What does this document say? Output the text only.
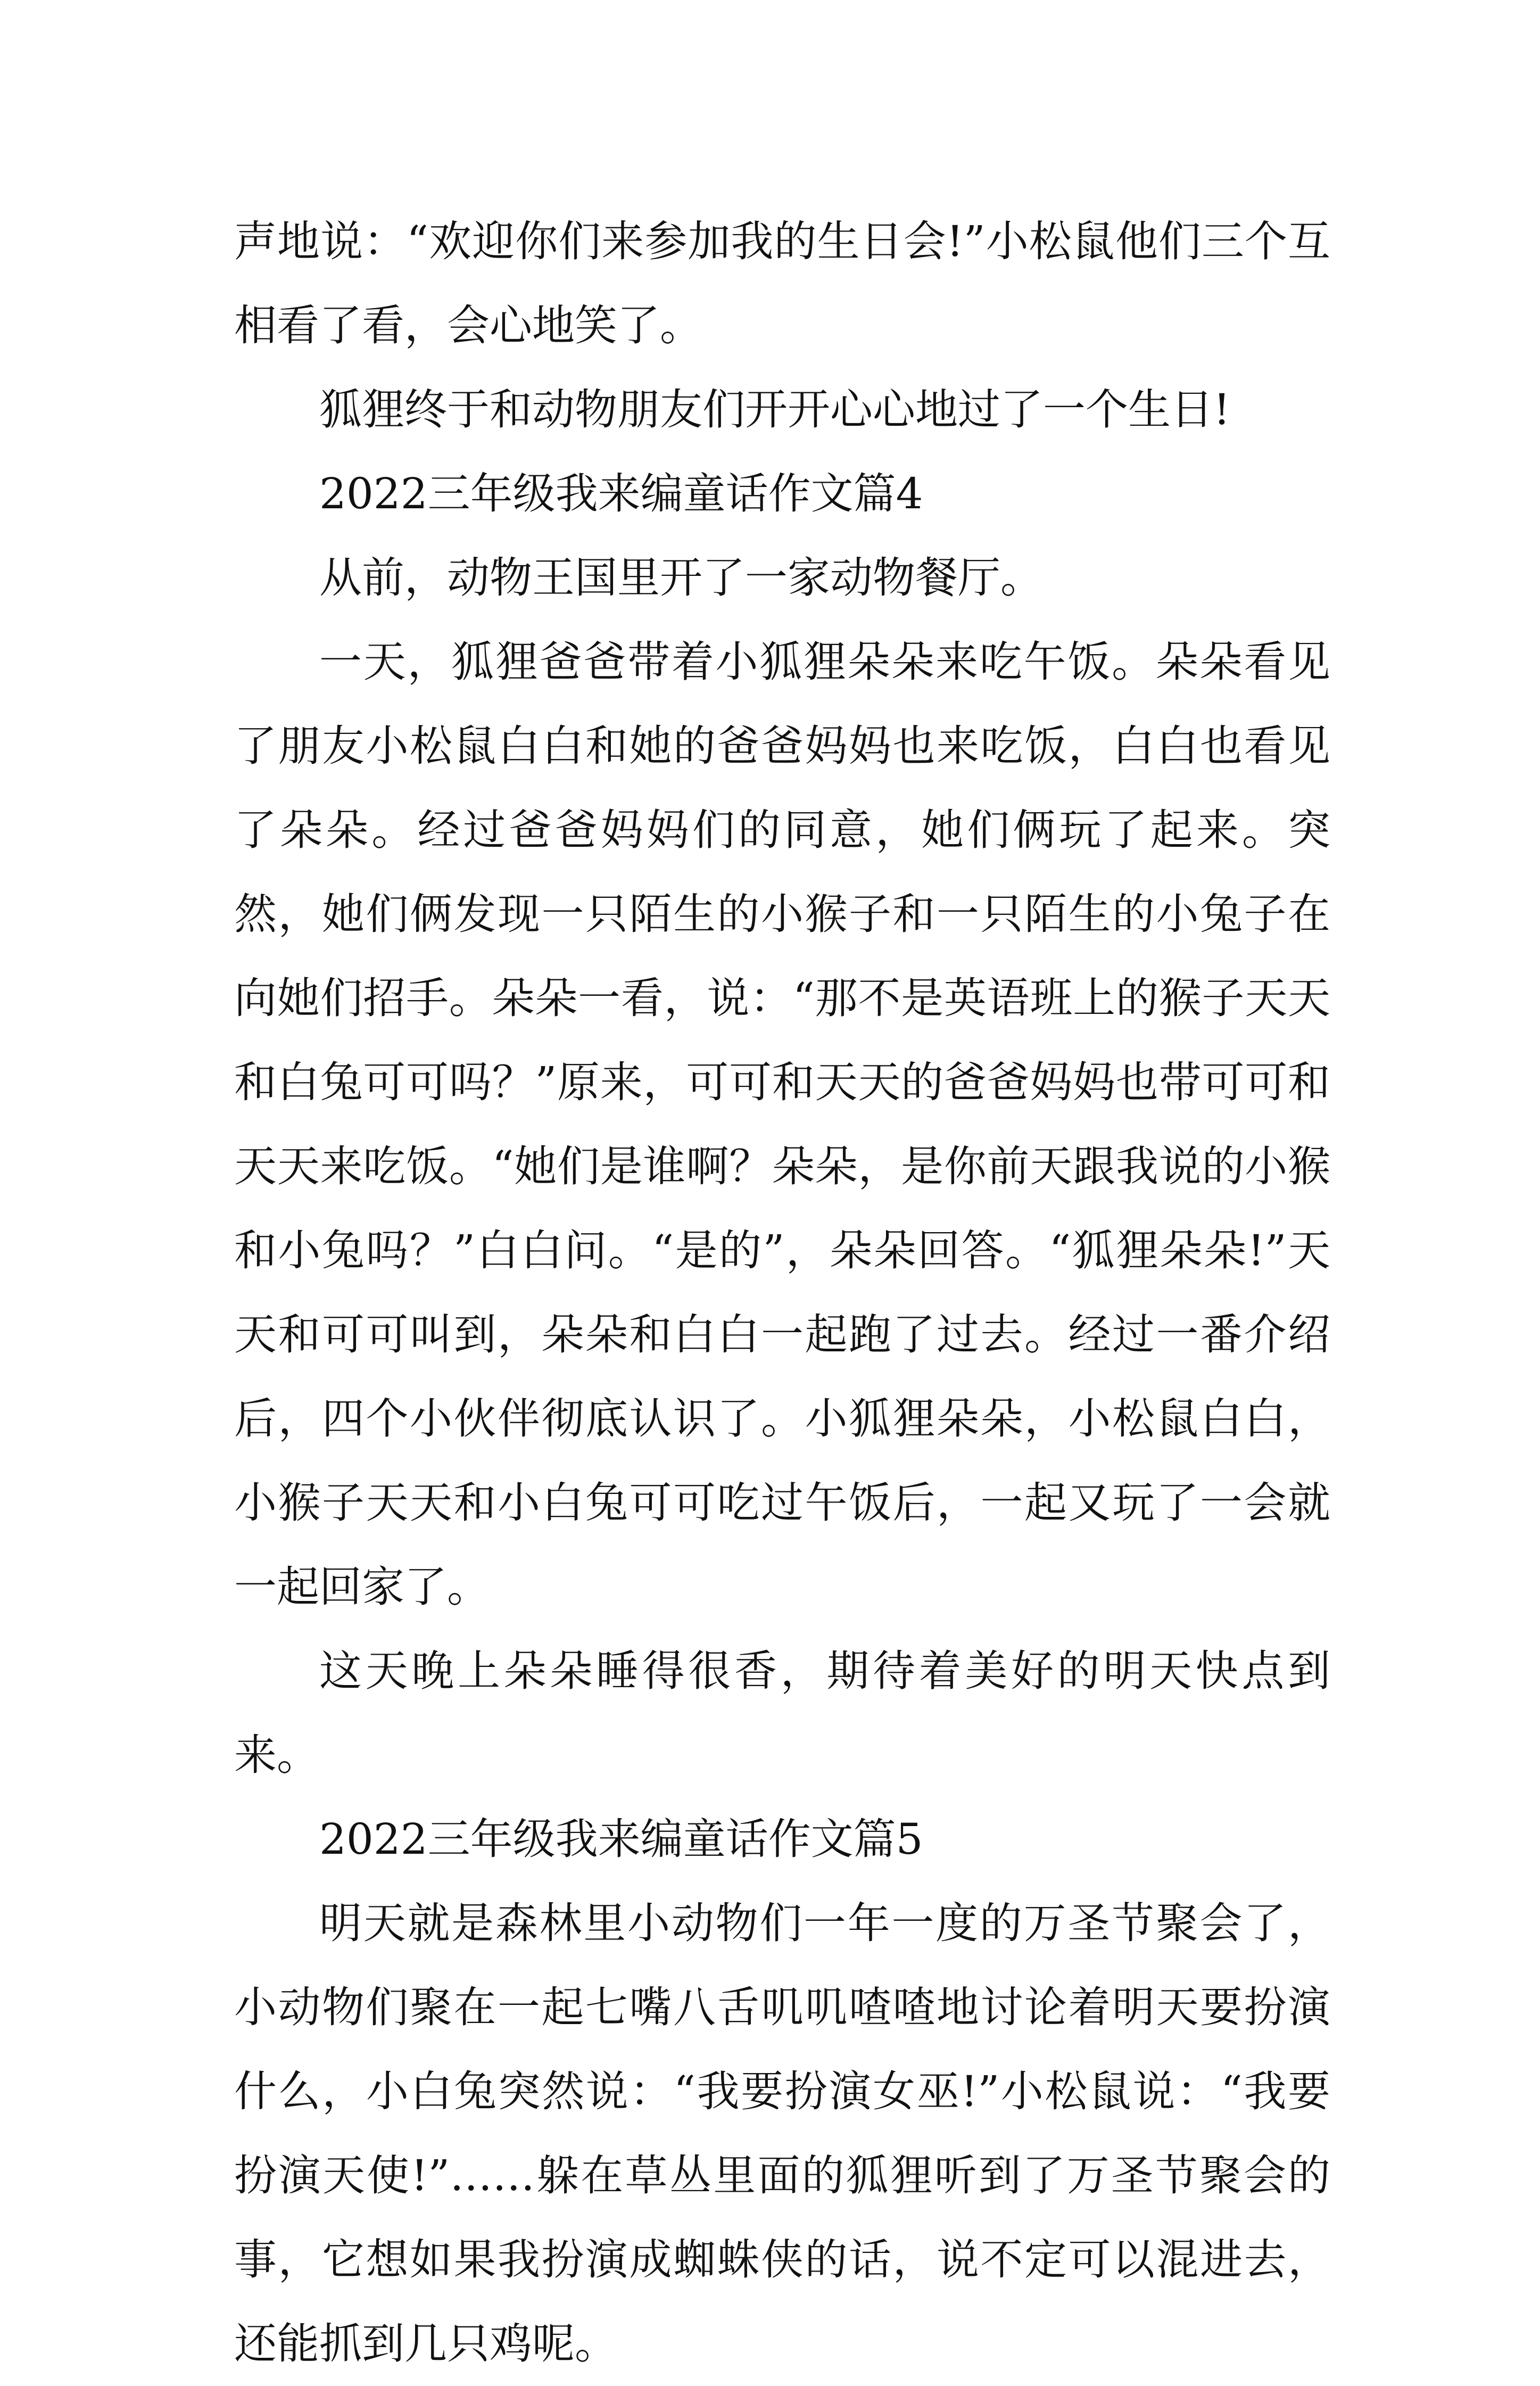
声地说：“欢迎你们来参加我的生日会!”小松鼠他们三个互相看了看，会心地笑了。

狐狸终于和动物朋友们开开心心地过了一个生日!

2022三年级我来编童话作文篇4

从前，动物王国里开了一家动物餐厅。

一天，狐狸爸爸带着小狐狸朵朵来吃午饭。朵朵看见了朋友小松鼠白白和她的爸爸妈妈也来吃饭，白白也看见了朵朵。经过爸爸妈妈们的同意，她们俩玩了起来。突然，她们俩发现一只陌生的小猴子和一只陌生的小兔子在向她们招手。朵朵一看，说：“那不是英语班上的猴子天天和白兔可可吗？”原来，可可和天天的爸爸妈妈也带可可和天天来吃饭。“她们是谁啊？朵朵，是你前天跟我说的小猴和小兔吗？”白白问。“是的”，朵朵回答。“狐狸朵朵!”天天和可可叫到，朵朵和白白一起跑了过去。经过一番介绍后，四个小伙伴彻底认识了。小狐狸朵朵，小松鼠白白，小猴子天天和小白兔可可吃过午饭后，一起又玩了一会就一起回家了。

这天晚上朵朵睡得很香，期待着美好的明天快点到来。

2022三年级我来编童话作文篇5

明天就是森林里小动物们一年一度的万圣节聚会了，小动物们聚在一起七嘴八舌叽叽喳喳地讨论着明天要扮演什么，小白兔突然说：“我要扮演女巫!”小松鼠说：“我要扮演天使!”……躲在草丛里面的狐狸听到了万圣节聚会的事，它想如果我扮演成蜘蛛侠的话，说不定可以混进去，还能抓到几只鸡呢。
